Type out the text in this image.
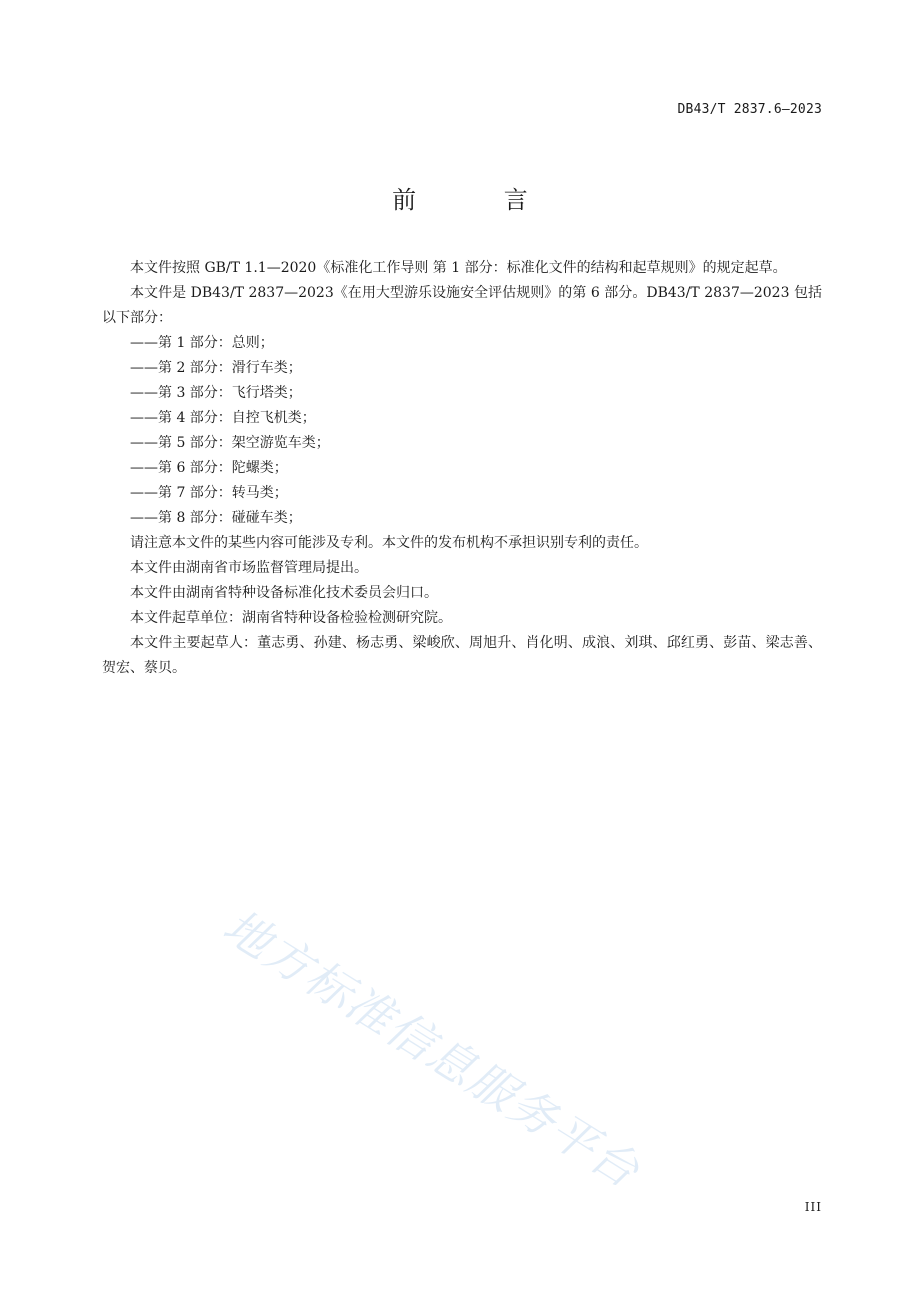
DB43/T 2837.6—2023
前 言

本文件按照 GB/T 1.1—2020《标准化工作导则 第 1 部分：标准化文件的结构和起草规则》的规定起草。

本文件是 DB43/T 2837—2023《在用大型游乐设施安全评估规则》的第 6 部分。DB43/T 2837—2023 包括以下部分：

——第 1 部分：总则；
——第 2 部分：滑行车类；
——第 3 部分：飞行塔类；
——第 4 部分：自控飞机类；
——第 5 部分：架空游览车类；
——第 6 部分：陀螺类；
——第 7 部分：转马类；
——第 8 部分：碰碰车类；

请注意本文件的某些内容可能涉及专利。本文件的发布机构不承担识别专利的责任。

本文件由湖南省市场监督管理局提出。

本文件由湖南省特种设备标准化技术委员会归口。

本文件起草单位：湖南省特种设备检验检测研究院。

本文件主要起草人：董志勇、孙建、杨志勇、梁峻欣、周旭升、肖化明、成浪、刘琪、邱红勇、彭苗、梁志善、贺宏、蔡贝。

地方标准信息服务平台
III
